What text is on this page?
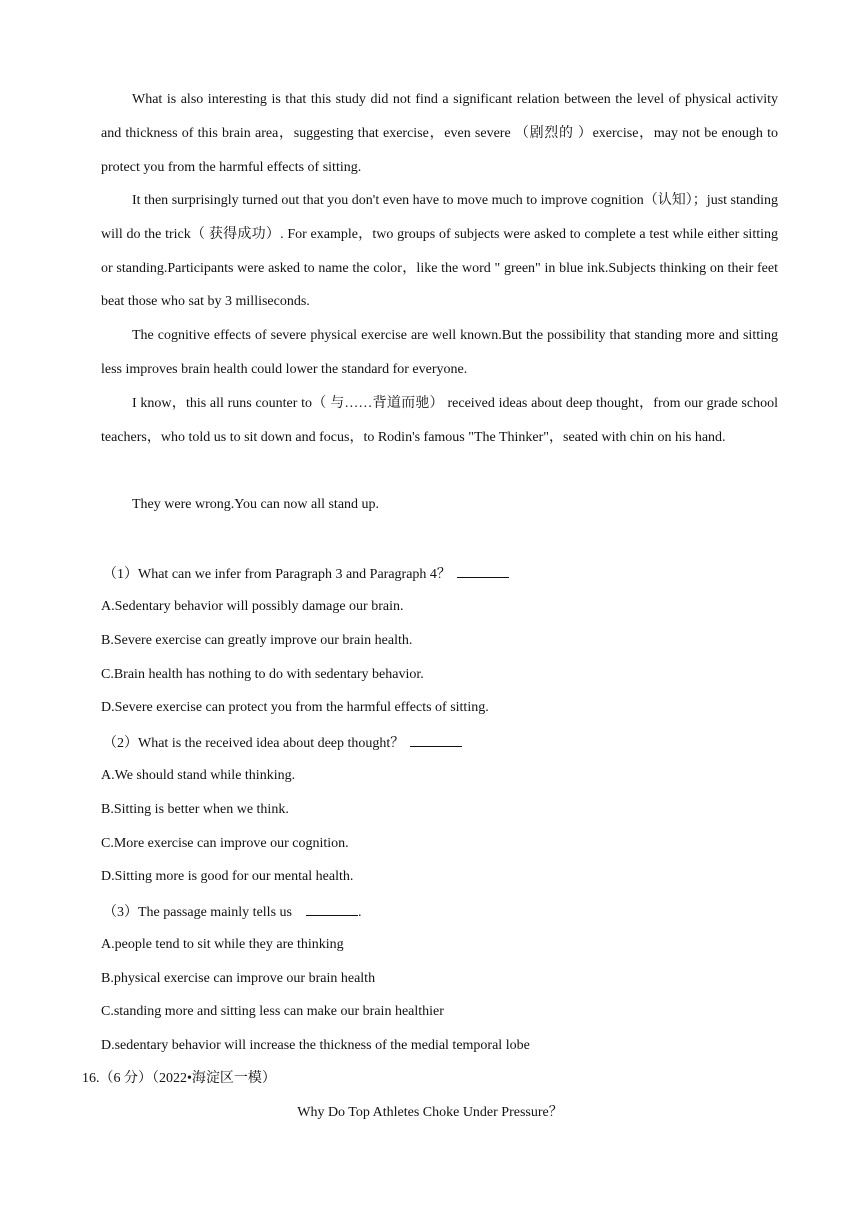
What is also interesting is that this study did not find a significant relation between the level of physical activity and thickness of this brain area，suggesting that exercise，even severe （剧烈的 ）exercise，may not be enough to protect you from the harmful effects of sitting.

It then surprisingly turned out that you don't even have to move much to improve cognition（认知）；just standing will do the trick（ 获得成功）. For example，two groups of subjects were asked to complete a test while either sitting or standing.Participants were asked to name the color，like the word " green" in blue ink.Subjects thinking on their feet beat those who sat by 3 milliseconds.

The cognitive effects of severe physical exercise are well known.But the possibility that standing more and sitting less improves brain health could lower the standard for everyone.

I know，this all runs counter to（ 与……背道而驰） received ideas about deep thought，from our grade school teachers，who told us to sit down and focus，to Rodin's famous "The Thinker"，seated with chin on his hand.

They were wrong.You can now all stand up.

（1）What can we infer from Paragraph 3 and Paragraph 4？
A.Sedentary behavior will possibly damage our brain.
B.Severe exercise can greatly improve our brain health.
C.Brain health has nothing to do with sedentary behavior.
D.Severe exercise can protect you from the harmful effects of sitting.
（2）What is the received idea about deep thought？
A.We should stand while thinking.
B.Sitting is better when we think.
C.More exercise can improve our cognition.
D.Sitting more is good for our mental health.
（3）The passage mainly tells us	.
A.people tend to sit while they are thinking
B.physical exercise can improve our brain health
C.standing more and sitting less can make our brain healthier
D.sedentary behavior will increase the thickness of the medial temporal lobe
16.（6 分）（2022•海淀区一模）
Why Do Top Athletes Choke Under Pressure？
